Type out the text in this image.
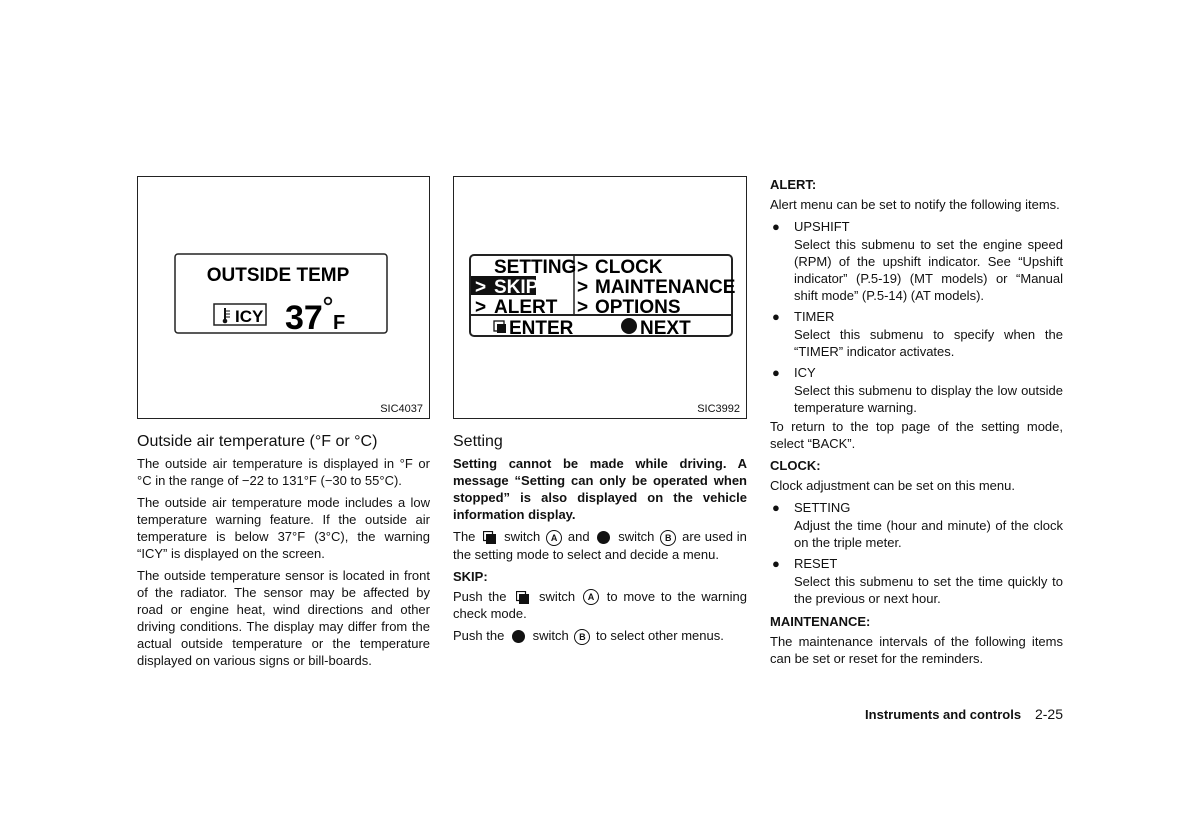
OUTSIDE TEMP
ICY 37 F
SIC4037
SETTING
> SKIP
> ALERT
> CLOCK
> MAINTENANCE
> OPTIONS
ENTER	NEXT
SIC3992
Outside air temperature (°F or °C)

The outside air temperature is displayed in °F or °C in the range of −22 to 131°F (−30 to 55°C).

The outside air temperature mode includes a low temperature warning feature. If the outside air temperature is below 37°F (3°C), the warning “ICY” is displayed on the screen.

The outside temperature sensor is located in front of the radiator. The sensor may be affected by road or engine heat, wind directions and other driving conditions. The display may differ from the actual outside temperature or the temperature displayed on various signs or bill-boards.

Setting

Setting cannot be made while driving. A message “Setting can only be operated when stopped” is also displayed on the vehicle information display.

The switch A and switch B are used in the setting mode to select and decide a menu.

SKIP:

Push the	switch A to move to the warning check mode.

Push the switch B to select other menus.

ALERT:

Alert menu can be set to notify the following items.

● UPSHIFT
Select this submenu to set the engine speed (RPM) of the upshift indicator. See “Upshift indicator” (P.5-19) (MT models) or “Manual shift mode” (P.5-14) (AT models).
● TIMER
Select this submenu to specify when the “TIMER” indicator activates.
● ICY
Select this submenu to display the low outside temperature warning.

To return to the top page of the setting mode, select “BACK”.

CLOCK:

Clock adjustment can be set on this menu.

● SETTING
Adjust the time (hour and minute) of the clock on the triple meter.
● RESET
Select this submenu to set the time quickly to the previous or next hour.
MAINTENANCE:

The maintenance intervals of the following items can be set or reset for the reminders.

Instruments and controls 2-25
